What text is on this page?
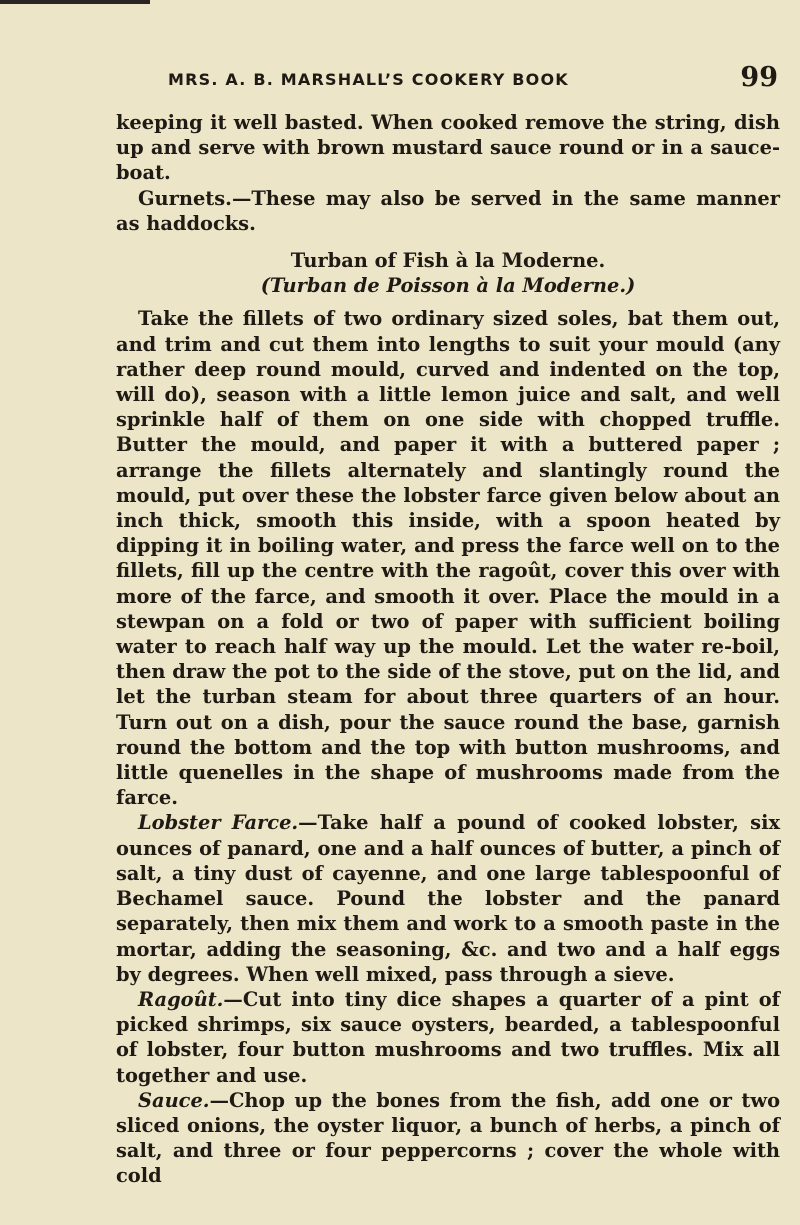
MRS. A. B. MARSHALL’S COOKERY BOOK	99

keeping it well basted. When cooked remove the string, dish up and serve with brown mustard sauce round or in a sauce-boat.

Gurnets.—These may also be served in the same manner as haddocks.

Turban of Fish à la Moderne.
(Turban de Poisson à la Moderne.)

Take the fillets of two ordinary sized soles, bat them out, and trim and cut them into lengths to suit your mould (any rather deep round mould, curved and indented on the top, will do), season with a little lemon juice and salt, and well sprinkle half of them on one side with chopped truffle. Butter the mould, and paper it with a buttered paper ; arrange the fillets alternately and slantingly round the mould, put over these the lobster farce given below about an inch thick, smooth this inside, with a spoon heated by dipping it in boiling water, and press the farce well on to the fillets, fill up the centre with the ragoût, cover this over with more of the farce, and smooth it over. Place the mould in a stewpan on a fold or two of paper with sufficient boiling water to reach half way up the mould. Let the water re-boil, then draw the pot to the side of the stove, put on the lid, and let the turban steam for about three quarters of an hour. Turn out on a dish, pour the sauce round the base, garnish round the bottom and the top with button mushrooms, and little quenelles in the shape of mushrooms made from the farce.

Lobster Farce.—Take half a pound of cooked lobster, six ounces of panard, one and a half ounces of butter, a pinch of salt, a tiny dust of cayenne, and one large tablespoonful of Bechamel sauce. Pound the lobster and the panard separately, then mix them and work to a smooth paste in the mortar, adding the seasoning, &c. and two and a half eggs by degrees. When well mixed, pass through a sieve.

Ragoût.—Cut into tiny dice shapes a quarter of a pint of picked shrimps, six sauce oysters, bearded, a tablespoonful of lobster, four button mushrooms and two truffles. Mix all together and use.

Sauce.—Chop up the bones from the fish, add one or two sliced onions, the oyster liquor, a bunch of herbs, a pinch of salt, and three or four peppercorns ; cover the whole with cold
